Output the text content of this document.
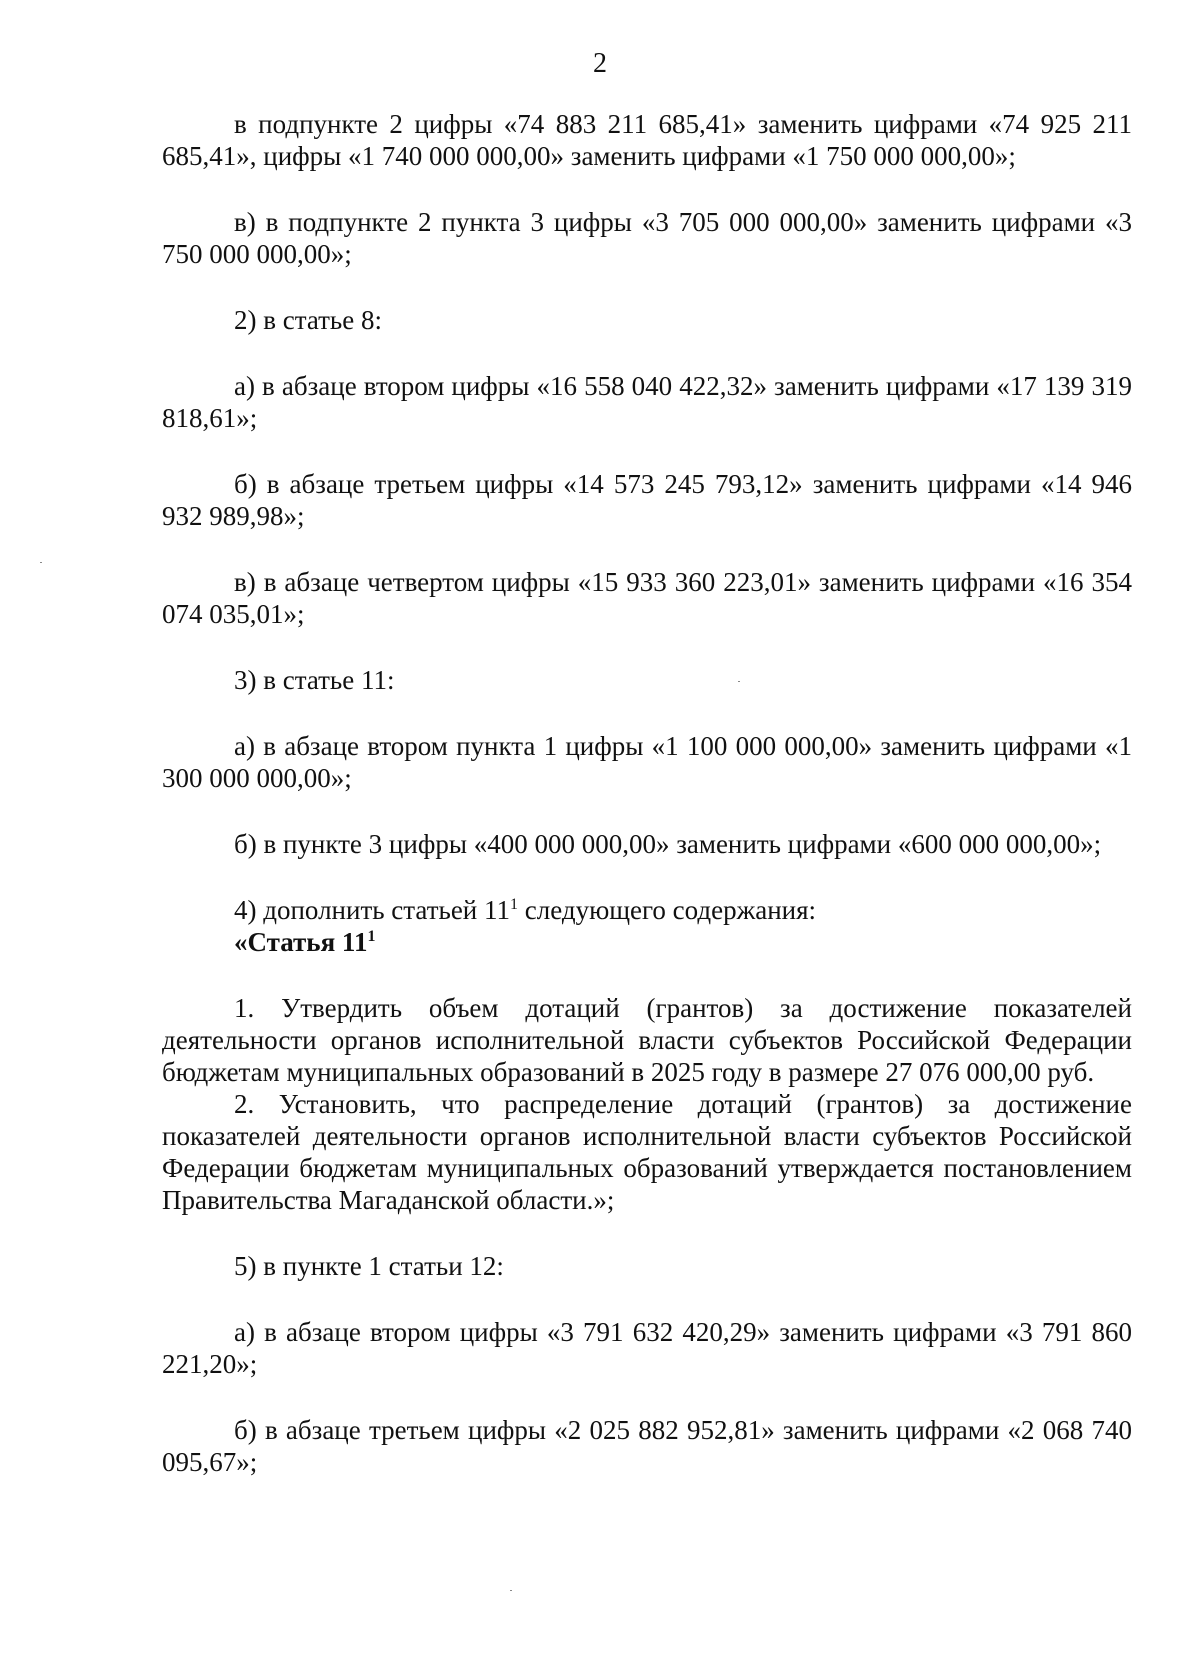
2

в подпункте 2 цифры «74 883 211 685,41» заменить цифрами «74 925 211 685,41», цифры «1 740 000 000,00» заменить цифрами «1 750 000 000,00»;

в) в подпункте 2 пункта 3 цифры «3 705 000 000,00» заменить цифрами «3 750 000 000,00»;

2) в статье 8:

а) в абзаце втором цифры «16 558 040 422,32» заменить цифрами «17 139 319 818,61»;

б) в абзаце третьем цифры «14 573 245 793,12» заменить цифрами «14 946 932 989,98»;

в) в абзаце четвертом цифры «15 933 360 223,01» заменить цифрами «16 354 074 035,01»;

3) в статье 11:

а) в абзаце втором пункта 1 цифры «1 100 000 000,00» заменить цифрами «1 300 000 000,00»;

б) в пункте 3 цифры «400 000 000,00» заменить цифрами «600 000 000,00»;

4) дополнить статьей $11^1$ следующего содержания:

«Статья $11^1$

1. Утвердить объем дотаций (грантов) за достижение показателей деятельности органов исполнительной власти субъектов Российской Федерации бюджетам муниципальных образований в 2025 году в размере 27 076 000,00 руб.

2. Установить, что распределение дотаций (грантов) за достижение показателей деятельности органов исполнительной власти субъектов Российской Федерации бюджетам муниципальных образований утверждается постановлением Правительства Магаданской области.»;

5) в пункте 1 статьи 12:

а) в абзаце втором цифры «3 791 632 420,29» заменить цифрами «3 791 860 221,20»;

б) в абзаце третьем цифры «2 025 882 952,81» заменить цифрами «2 068 740 095,67»;
